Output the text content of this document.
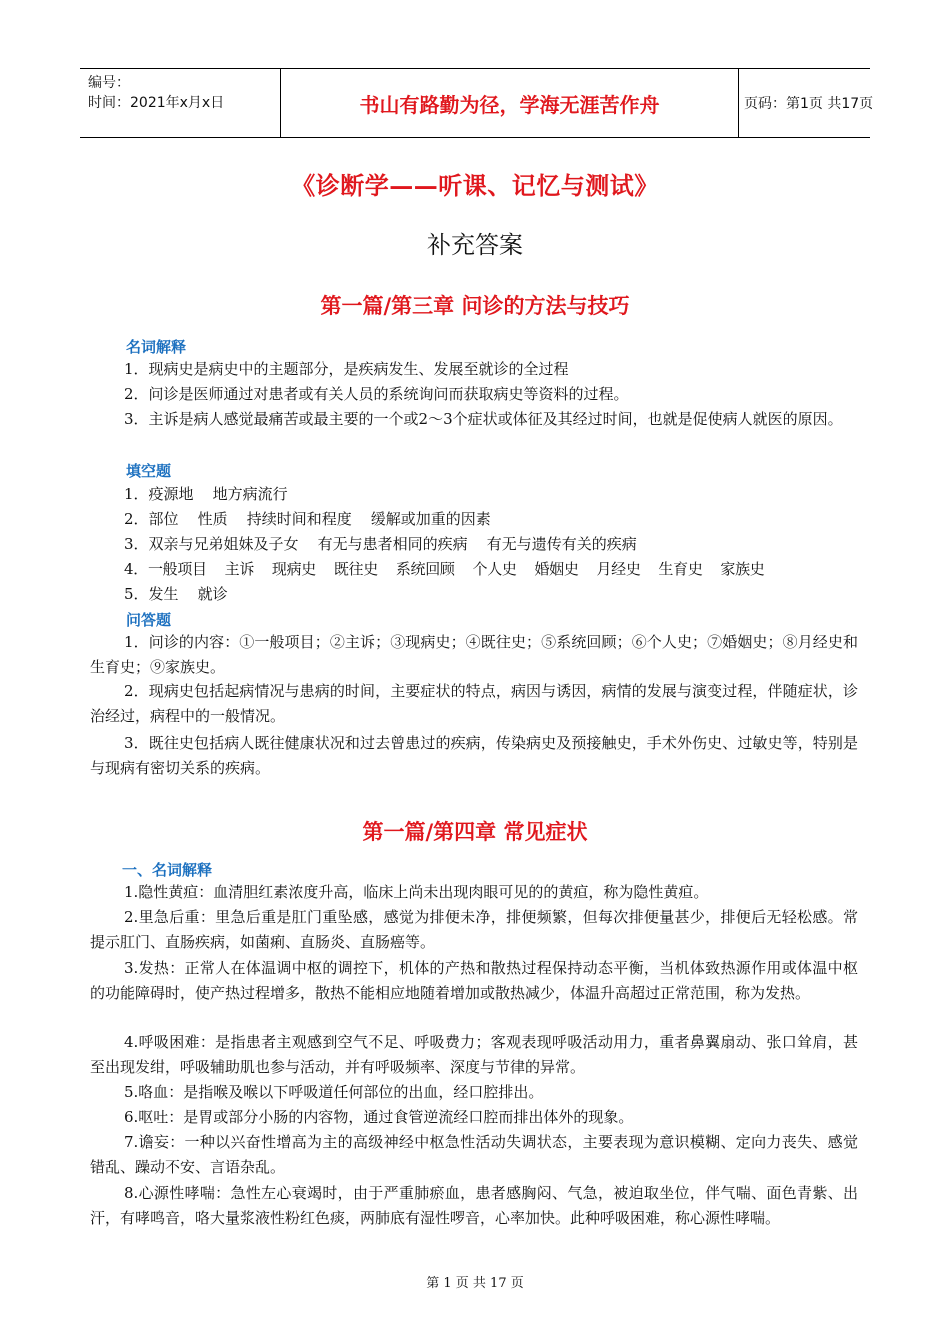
编号：
时间：2021年x月x日	书山有路勤为径，学海无涯苦作舟	页码：第1页 共17页
《诊断学——听课、记忆与测试》
补充答案
第一篇/第三章 问诊的方法与技巧
名词解释

1．现病史是病史中的主题部分，是疾病发生、发展至就诊的全过程

2．问诊是医师通过对患者或有关人员的系统询问而获取病史等资料的过程。

3．主诉是病人感觉最痛苦或最主要的一个或2～3个症状或体征及其经过时间，也就是促使病人就医的原因。

填空题

1．疫源地    地方病流行

2．部位    性质    持续时间和程度    缓解或加重的因素

3．双亲与兄弟姐妹及子女    有无与患者相同的疾病    有无与遗传有关的疾病

4．一般项目    主诉    现病史    既往史    系统回顾    个人史    婚姻史    月经史    生育史    家族史

5．发生    就诊

问答题

1．问诊的内容：①一般项目；②主诉；③现病史；④既往史；⑤系统回顾；⑥个人史；⑦婚姻史；⑧月经史和生育史；⑨家族史。

2．现病史包括起病情况与患病的时间，主要症状的特点，病因与诱因，病情的发展与演变过程，伴随症状，诊治经过，病程中的一般情况。

3．既往史包括病人既往健康状况和过去曾患过的疾病，传染病史及预接触史，手术外伤史、过敏史等，特别是与现病有密切关系的疾病。

第一篇/第四章 常见症状
一、名词解释

1.隐性黄疸：血清胆红素浓度升高，临床上尚未出现肉眼可见的的黄疸，称为隐性黄疸。

2.里急后重：里急后重是肛门重坠感，感觉为排便未净，排便频繁，但每次排便量甚少，排便后无轻松感。常提示肛门、直肠疾病，如菌痢、直肠炎、直肠癌等。

3.发热：正常人在体温调中枢的调控下，机体的产热和散热过程保持动态平衡，当机体致热源作用或体温中枢的功能障碍时，使产热过程增多，散热不能相应地随着增加或散热减少，体温升高超过正常范围，称为发热。

4.呼吸困难：是指患者主观感到空气不足、呼吸费力；客观表现呼吸活动用力，重者鼻翼扇动、张口耸肩，甚至出现发绀，呼吸辅助肌也参与活动，并有呼吸频率、深度与节律的异常。

5.咯血：是指喉及喉以下呼吸道任何部位的出血，经口腔排出。

6.呕吐：是胃或部分小肠的内容物，通过食管逆流经口腔而排出体外的现象。

7.谵妄：一种以兴奋性增高为主的高级神经中枢急性活动失调状态，主要表现为意识模糊、定向力丧失、感觉错乱、躁动不安、言语杂乱。

8.心源性哮喘：急性左心衰竭时，由于严重肺瘀血，患者感胸闷、气急，被迫取坐位，伴气喘、面色青紫、出汗，有哮鸣音，咯大量浆液性粉红色痰，两肺底有湿性啰音，心率加快。此种呼吸困难，称心源性哮喘。

第 1 页 共 17 页
